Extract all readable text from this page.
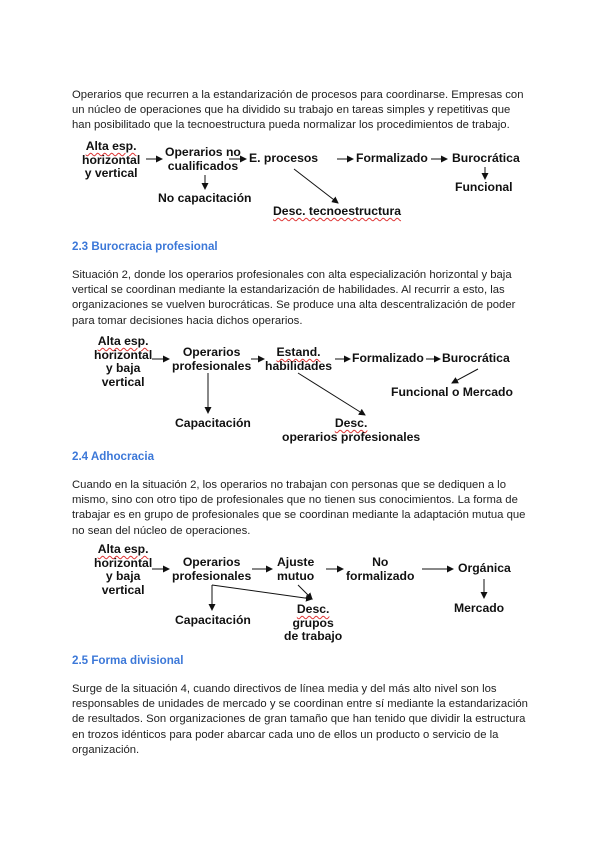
Operarios que recurren a la estandarización de procesos para coordinarse. Empresas con un núcleo de operaciones que ha dividido su trabajo en tareas simples y repetitivas que han posibilitado que la tecnoestructura pueda normalizar los procedimientos de trabajo.

Alta esp.
horizontal
y vertical
Operarios no
cualificados
E. procesos	Formalizado Burocrática
Funcional
No capacitación
Desc. tecnoestructura

2.3 Burocracia profesional

Situación 2, donde los operarios profesionales con alta especialización horizontal y baja vertical se coordinan mediante la estandarización de habilidades. Al recurrir a esto, las organizaciones se vuelven burocráticas. Se produce una alta descentralización de poder para tomar decisiones hacia dichos operarios.

Alta esp.
horizontal
y baja
vertical
Operarios
profesionales
Estand.
habilidades
Formalizado Burocrática
Funcional o Mercado
Capacitación	Desc.
operarios profesionales

2.4 Adhocracia

Cuando en la situación 2, los operarios no trabajan con personas que se dediquen a lo mismo, sino con otro tipo de profesionales que no tienen sus conocimientos. La forma de trabajar es en grupo de profesionales que se coordinan mediante la adaptación mutua que no sean del núcleo de operaciones.

Alta esp.
horizontal
y baja
vertical
Operarios
profesionales
Ajuste
mutuo
No
formalizado
Orgánica
Mercado
Capacitación
Desc.
grupos
de trabajo

2.5 Forma divisional

Surge de la situación 4, cuando directivos de línea media y del más alto nivel son los responsables de unidades de mercado y se coordinan entre sí mediante la estandarización de resultados. Son organizaciones de gran tamaño que han tenido que dividir la estructura en trozos idénticos para poder abarcar cada uno de ellos un producto o servicio de la organización.
